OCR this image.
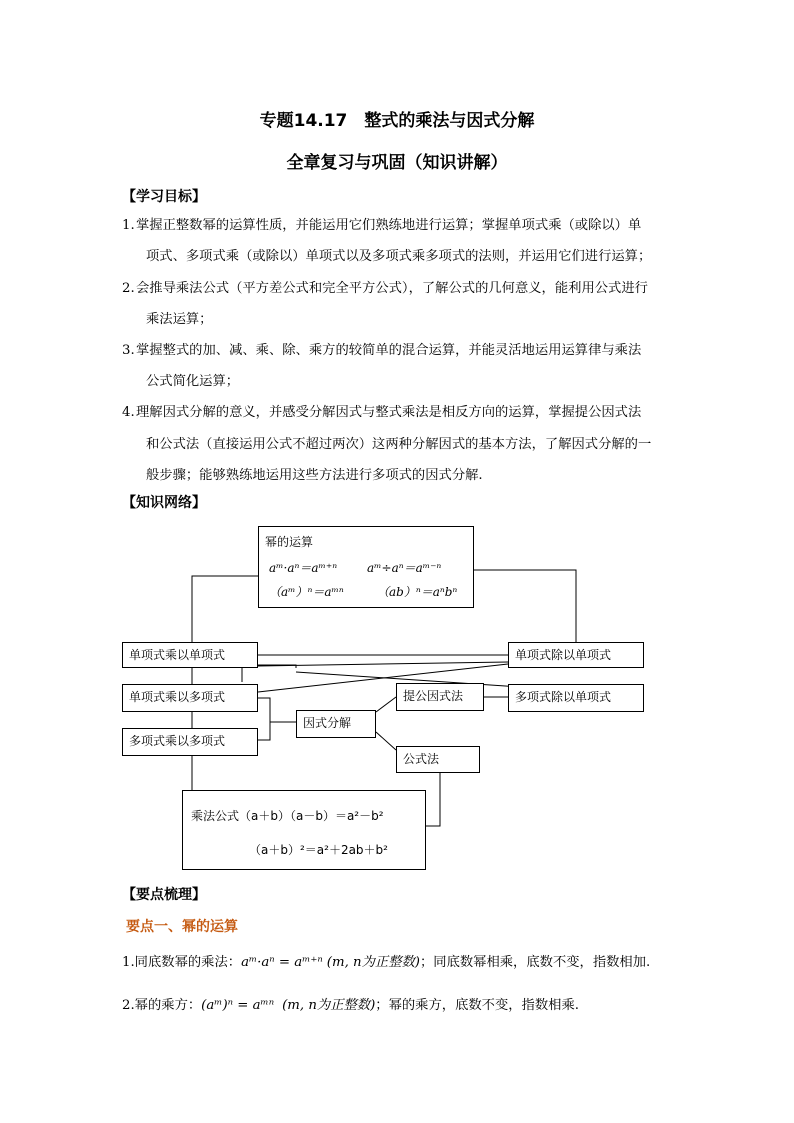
专题14.17　整式的乘法与因式分解
全章复习与巩固（知识讲解）
【学习目标】
1. 掌握正整数幂的运算性质，并能运用它们熟练地进行运算；掌握单项式乘（或除以）单
项式、多项式乘（或除以）单项式以及多项式乘多项式的法则，并运用它们进行运算；
2. 会推导乘法公式（平方差公式和完全平方公式），了解公式的几何意义，能利用公式进行
乘法运算；
3. 掌握整式的加、减、乘、除、乘方的较简单的混合运算，并能灵活地运用运算律与乘法
公式简化运算；
4. 理解因式分解的意义，并感受分解因式与整式乘法是相反方向的运算，掌握提公因式法
和公式法（直接运用公式不超过两次）这两种分解因式的基本方法，了解因式分解的一
般步骤；能够熟练地运用这些方法进行多项式的因式分解.
【知识网络】
幂的运算
aᵐ·aⁿ＝aᵐ⁺ⁿ aᵐ÷aⁿ＝aᵐ⁻ⁿ
（aᵐ）ⁿ＝aᵐⁿ	（ab）ⁿ＝aⁿbⁿ
单项式乘以单项式
单项式乘以多项式
多项式乘以多项式
单项式除以单项式
多项式除以单项式
因式分解
提公因式法
公式法
乘法公式（a＋b）（a－b）＝a²－b²
（a＋b）²＝a²＋2ab＋b²
【要点梳理】
要点一、幂的运算
1.同底数幂的乘法：aᵐ·aⁿ = aᵐ⁺ⁿ (m, n为正整数)；同底数幂相乘，底数不变，指数相加.
2.幂的乘方：(aᵐ)ⁿ = aᵐⁿ (m, n为正整数)；幂的乘方，底数不变，指数相乘.
